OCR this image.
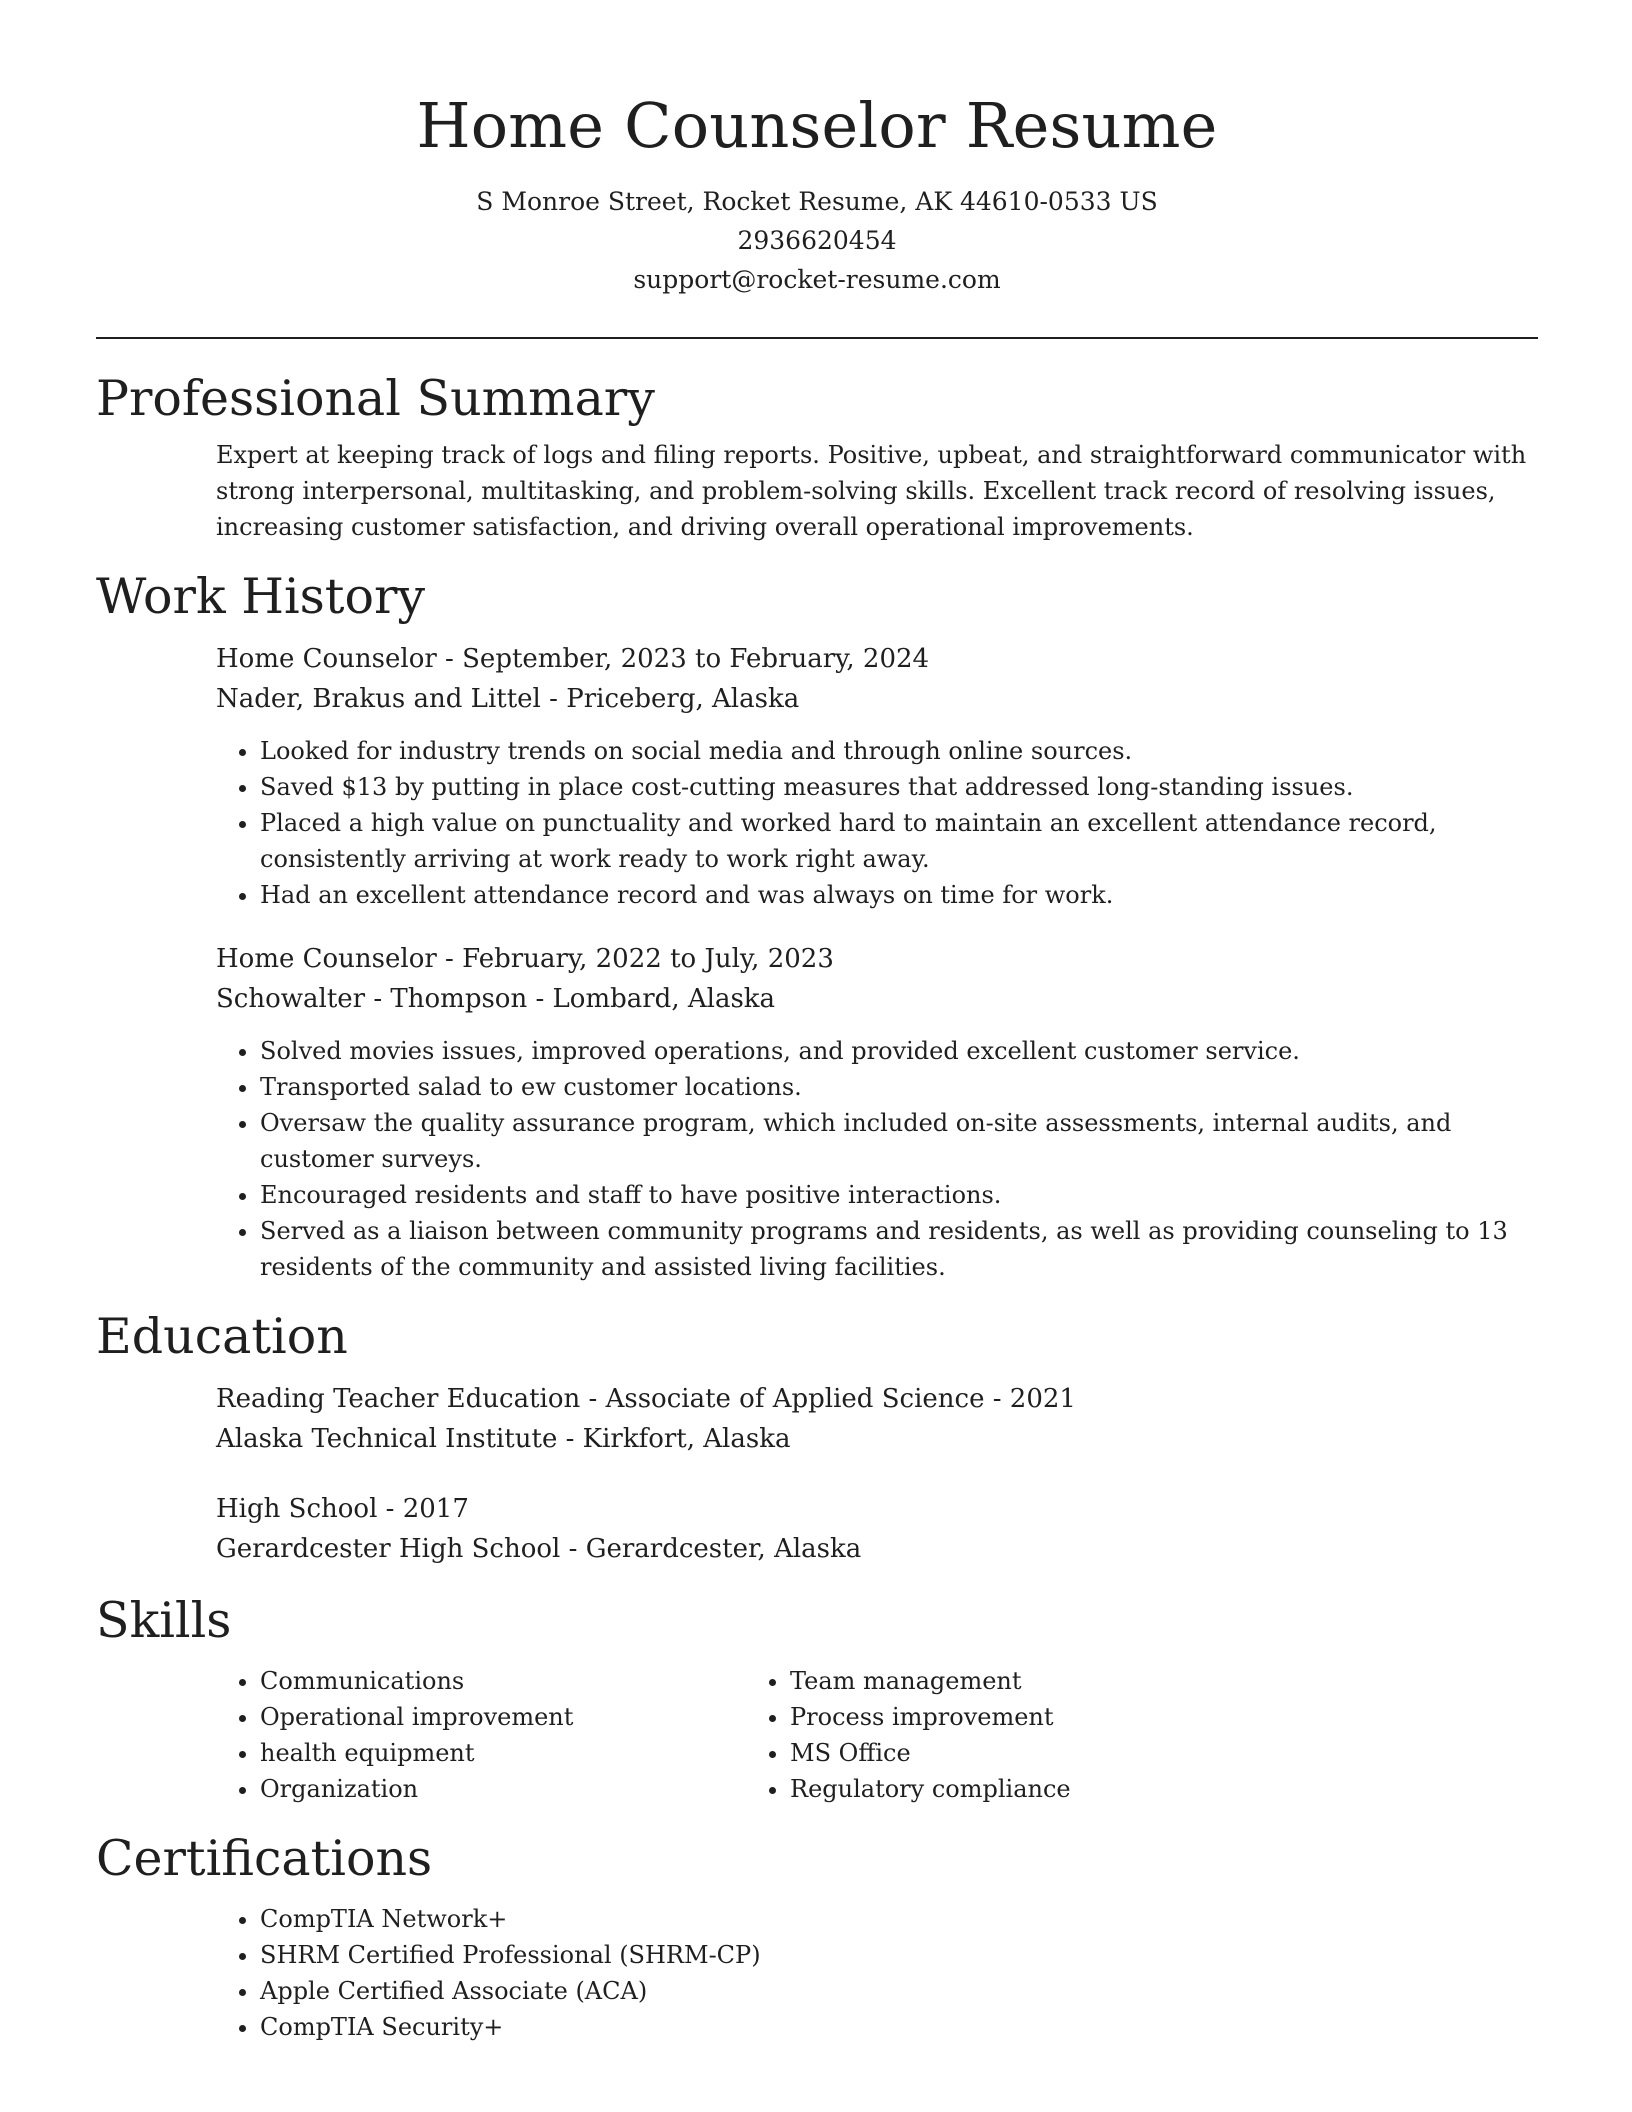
Home Counselor Resume

S Monroe Street, Rocket Resume, AK 44610-0533 US

2936620454

support@rocket-resume.com

Professional Summary

Expert at keeping track of logs and filing reports. Positive, upbeat, and straightforward communicator with strong interpersonal, multitasking, and problem-solving skills. Excellent track record of resolving issues, increasing customer satisfaction, and driving overall operational improvements.

Work History

Home Counselor - September, 2023 to February, 2024

Nader, Brakus and Littel - Priceberg, Alaska

• Looked for industry trends on social media and through online sources.
• Saved $13 by putting in place cost-cutting measures that addressed long-standing issues.
• Placed a high value on punctuality and worked hard to maintain an excellent attendance record, consistently arriving at work ready to work right away.
• Had an excellent attendance record and was always on time for work.

Home Counselor - February, 2022 to July, 2023

Schowalter - Thompson - Lombard, Alaska

• Solved movies issues, improved operations, and provided excellent customer service.
• Transported salad to ew customer locations.
• Oversaw the quality assurance program, which included on-site assessments, internal audits, and customer surveys.
• Encouraged residents and staff to have positive interactions.
• Served as a liaison between community programs and residents, as well as providing counseling to 13 residents of the community and assisted living facilities.
Education

Reading Teacher Education - Associate of Applied Science - 2021

Alaska Technical Institute - Kirkfort, Alaska

High School - 2017

Gerardcester High School - Gerardcester, Alaska

Skills
• Communications
• Operational improvement
• health equipment
• Organization
• Team management
• Process improvement
• MS Office
• Regulatory compliance
Certifications
• CompTIA Network+
• SHRM Certified Professional (SHRM-CP)
• Apple Certified Associate (ACA)
• CompTIA Security+
